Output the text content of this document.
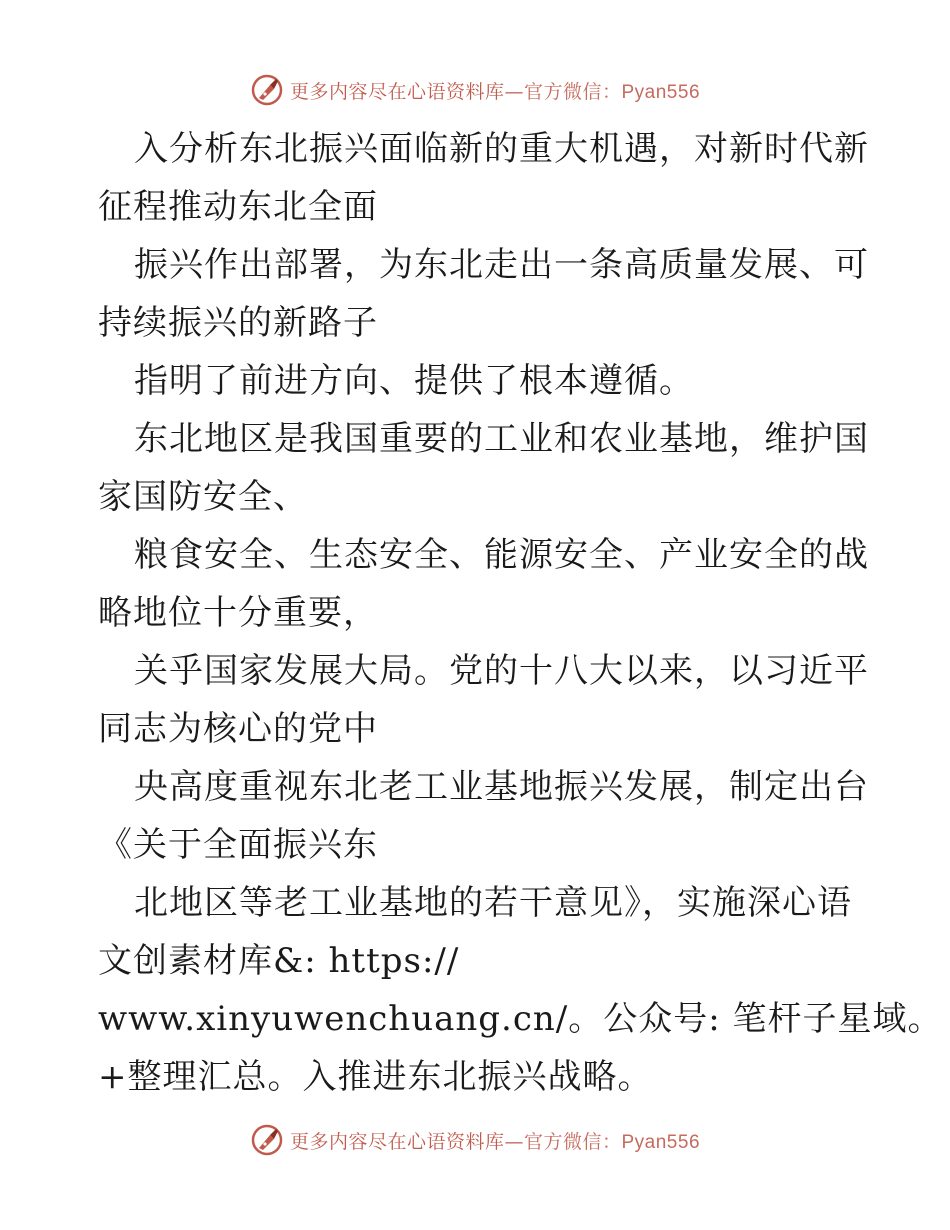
更多内容尽在心语资料库—官方微信：Pyan556
入分析东北振兴面临新的重大机遇，对新时代新
征程推动东北全面
振兴作出部署，为东北走出一条高质量发展、可
持续振兴的新路子
指明了前进方向、提供了根本遵循。
东北地区是我国重要的工业和农业基地，维护国
家国防安全、
粮食安全、生态安全、能源安全、产业安全的战
略地位十分重要，
关乎国家发展大局。党的十八大以来，以习近平
同志为核心的党中
央高度重视东北老工业基地振兴发展，制定出台
《关于全面振兴东
北地区等老工业基地的若干意见》，实施深心语
文创素材库&: https://
www.xinyuwenchuang.cn/。公众号: 笔杆子星域。
+整理汇总。入推进东北振兴战略。
更多内容尽在心语资料库—官方微信：Pyan556
